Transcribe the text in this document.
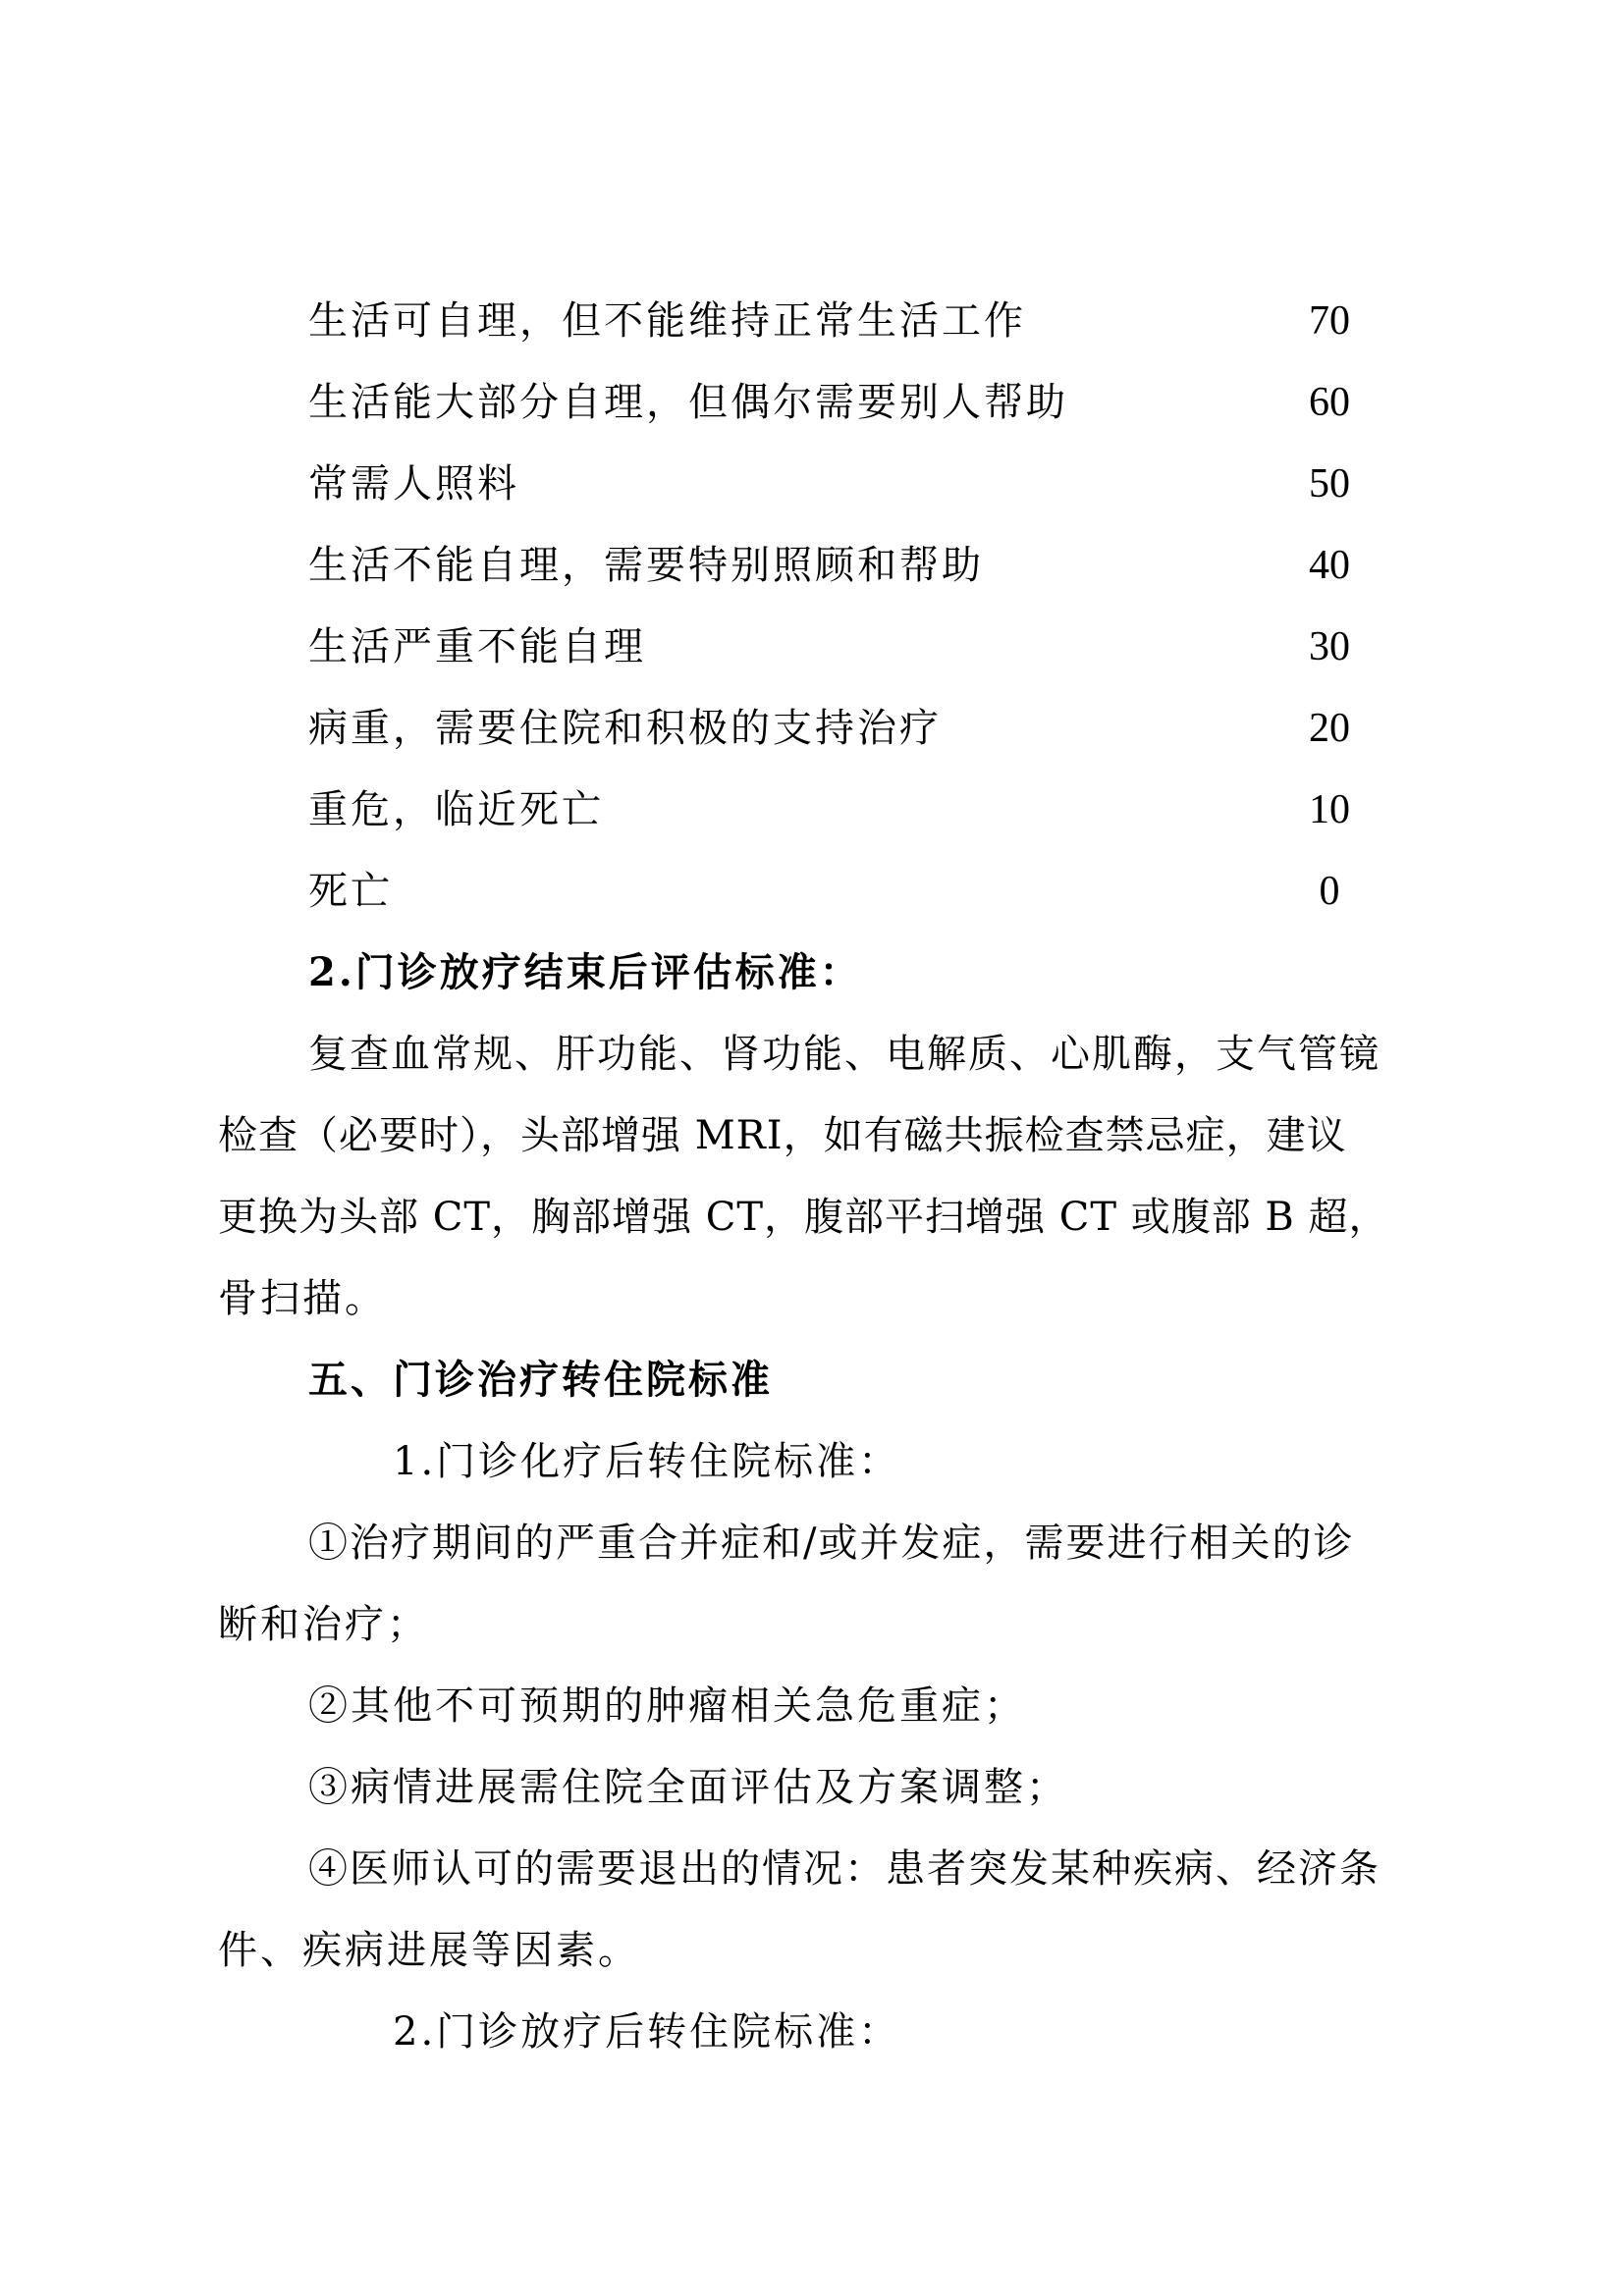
生活可自理，但不能维持正常生活工作	70
生活能大部分自理，但偶尔需要别人帮助	60
常需人照料	50
生活不能自理，需要特别照顾和帮助	40
生活严重不能自理	30
病重，需要住院和积极的支持治疗	20
重危，临近死亡	10
死亡	0
2.门诊放疗结束后评估标准：
复查血常规、肝功能、肾功能、电解质、心肌酶，支气管镜
检查（必要时），头部增强 MRI，如有磁共振检查禁忌症，建议
更换为头部 CT，胸部增强 CT，腹部平扫增强 CT 或腹部 B 超，
骨扫描。
五、门诊治疗转住院标准
1.门诊化疗后转住院标准：
①治疗期间的严重合并症和/或并发症，需要进行相关的诊
断和治疗；
②其他不可预期的肿瘤相关急危重症；
③病情进展需住院全面评估及方案调整；
④医师认可的需要退出的情况：患者突发某种疾病、经济条
件、疾病进展等因素。
2.门诊放疗后转住院标准：
